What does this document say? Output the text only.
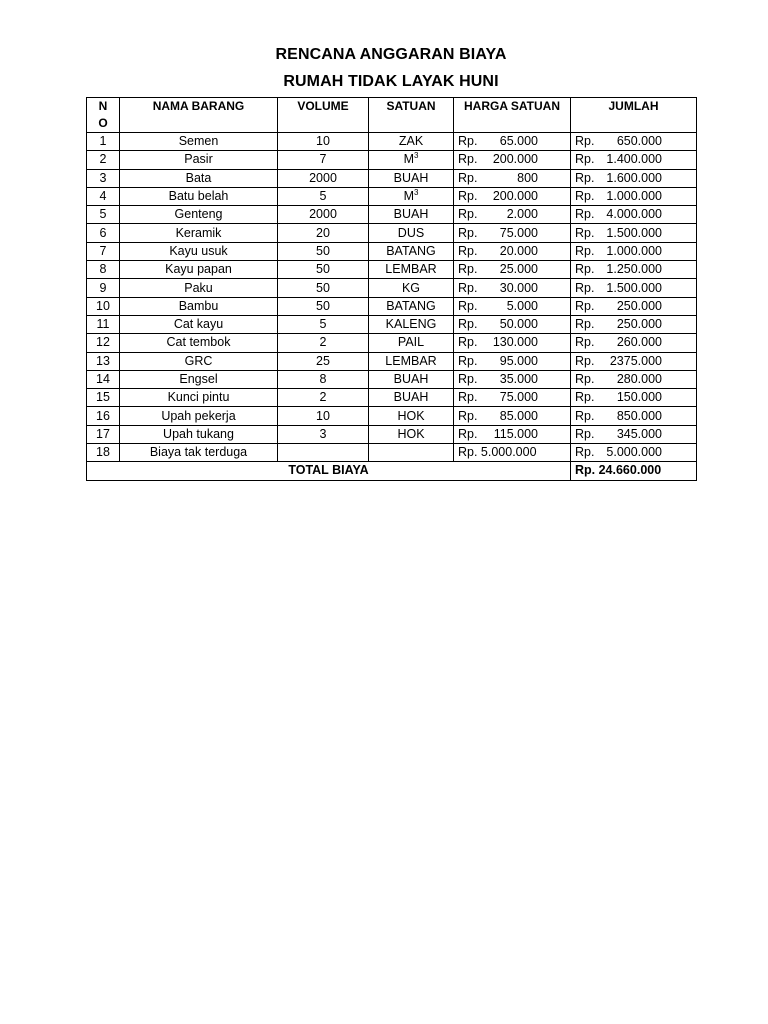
RENCANA ANGGARAN BIAYA
RUMAH TIDAK LAYAK HUNI
N
O	NAMA BARANG	VOLUME	SATUAN	HARGA SATUAN	JUMLAH
1	Semen	10	ZAK	Rp. 65.000	Rp. 650.000

2	Pasir	7	$M^3$	Rp. 200.000	Rp. 1.400.000

3	Bata	2000	BUAH	Rp. 800	Rp. 1.600.000

4	Batu belah	5	$M^3$	Rp. 200.000	Rp. 1.000.000

5	Genteng	2000	BUAH	Rp. 2.000	Rp. 4.000.000

6	Keramik	20	DUS	Rp. 75.000	Rp. 1.500.000

7	Kayu usuk	50	BATANG	Rp. 20.000	Rp. 1.000.000

8	Kayu papan	50	LEMBAR	Rp. 25.000	Rp. 1.250.000

9	Paku	50	KG	Rp. 30.000	Rp. 1.500.000

10	Bambu	50	BATANG	Rp. 5.000	Rp. 250.000

11	Cat kayu	5	KALENG	Rp. 50.000	Rp. 250.000

12	Cat tembok	2	PAIL	Rp. 130.000	Rp. 260.000

13	GRC	25	LEMBAR	Rp. 95.000	Rp. 2375.000

14	Engsel	8	BUAH	Rp. 35.000	Rp. 280.000

15	Kunci pintu	2	BUAH	Rp. 75.000	Rp. 150.000

16	Upah pekerja	10	HOK	Rp. 85.000	Rp. 850.000

17	Upah tukang	3	HOK	Rp. 115.000	Rp. 345.000

18	Biaya tak terduga			Rp. 5.000.000	Rp. 5.000.000

TOTAL BIAYA					Rp. 24.660.000
